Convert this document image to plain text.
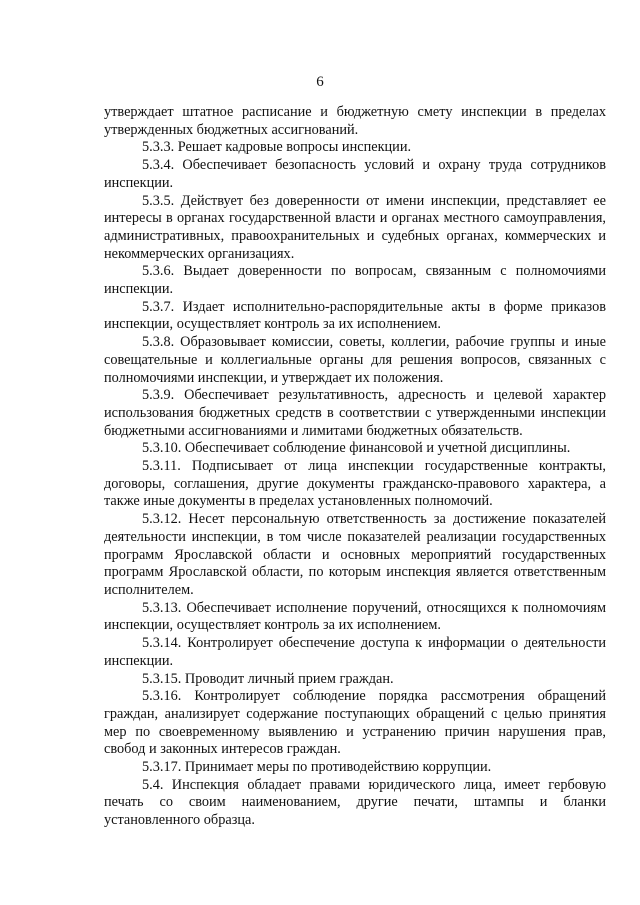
6

утверждает штатное расписание и бюджетную смету инспекции в пределах утвержденных бюджетных ассигнований.

5.3.3. Решает кадровые вопросы инспекции.

5.3.4. Обеспечивает безопасность условий и охрану труда сотрудников инспекции.

5.3.5. Действует без доверенности от имени инспекции, представляет ее интересы в органах государственной власти и органах местного самоуправления, административных, правоохранительных и судебных органах, коммерческих и некоммерческих организациях.

5.3.6. Выдает доверенности по вопросам, связанным с полномочиями инспекции.

5.3.7. Издает исполнительно-распорядительные акты в форме приказов инспекции, осуществляет контроль за их исполнением.

5.3.8. Образовывает комиссии, советы, коллегии, рабочие группы и иные совещательные и коллегиальные органы для решения вопросов, связанных с полномочиями инспекции, и утверждает их положения.

5.3.9. Обеспечивает результативность, адресность и целевой характер использования бюджетных средств в соответствии с утвержденными инспекции бюджетными ассигнованиями и лимитами бюджетных обязательств.

5.3.10. Обеспечивает соблюдение финансовой и учетной дисциплины.

5.3.11. Подписывает от лица инспекции государственные контракты, договоры, соглашения, другие документы гражданско-правового характера, а также иные документы в пределах установленных полномочий.

5.3.12. Несет персональную ответственность за достижение показателей деятельности инспекции, в том числе показателей реализации государственных программ Ярославской области и основных мероприятий государственных программ Ярославской области, по которым инспекция является ответственным исполнителем.

5.3.13. Обеспечивает исполнение поручений, относящихся к полномочиям инспекции, осуществляет контроль за их исполнением.

5.3.14. Контролирует обеспечение доступа к информации о деятельности инспекции.

5.3.15. Проводит личный прием граждан.

5.3.16. Контролирует соблюдение порядка рассмотрения обращений граждан, анализирует содержание поступающих обращений с целью принятия мер по своевременному выявлению и устранению причин нарушения прав, свобод и законных интересов граждан.

5.3.17. Принимает меры по противодействию коррупции.

5.4. Инспекция обладает правами юридического лица, имеет гербовую печать со своим наименованием, другие печати, штампы и бланки установленного образца.
